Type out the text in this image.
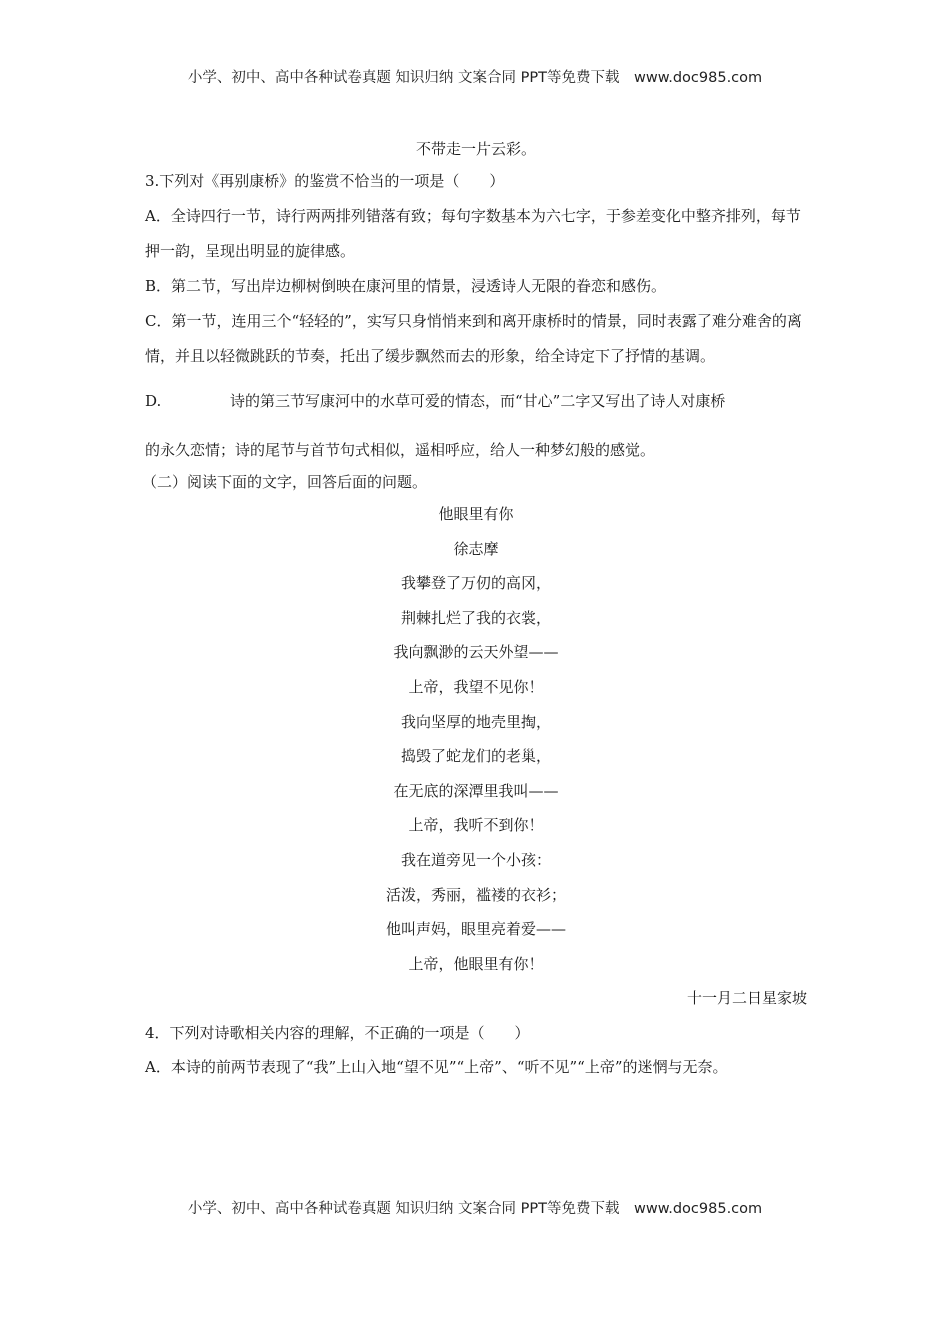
小学、初中、高中各种试卷真题 知识归纳 文案合同 PPT等免费下载　www.doc985.com

不带走一片云彩。

3.下列对《再别康桥》的鉴赏不恰当的一项是（　　）

A．全诗四行一节，诗行两两排列错落有致；每句字数基本为六七字，于参差变化中整齐排列，每节押一韵，呈现出明显的旋律感。

B．第二节，写出岸边柳树倒映在康河里的情景，浸透诗人无限的眷恋和感伤。

C．第一节，连用三个“轻轻的”，实写只身悄悄来到和离开康桥时的情景，同时表露了难分难舍的离情，并且以轻微跳跃的节奏，托出了缓步飘然而去的形象，给全诗定下了抒情的基调。

D.	诗的第三节写康河中的水草可爱的情态，而“甘心”二字又写出了诗人对康桥

的永久恋情；诗的尾节与首节句式相似，遥相呼应，给人一种梦幻般的感觉。

（二）阅读下面的文字，回答后面的问题。

他眼里有你

徐志摩

我攀登了万仞的高冈，

荆棘扎烂了我的衣裳，

我向飘渺的云天外望——

上帝，我望不见你！

我向坚厚的地壳里掏，

捣毁了蛇龙们的老巢，

在无底的深潭里我叫——

上帝，我听不到你！

我在道旁见一个小孩：

活泼，秀丽，褴褛的衣衫；

他叫声妈，眼里亮着爱——

上帝，他眼里有你！

十一月二日星家坡

4．下列对诗歌相关内容的理解，不正确的一项是（　　）

A．本诗的前两节表现了“我”上山入地“望不见”“上帝”、“听不见”“上帝”的迷惘与无奈。

小学、初中、高中各种试卷真题 知识归纳 文案合同 PPT等免费下载　www.doc985.com
